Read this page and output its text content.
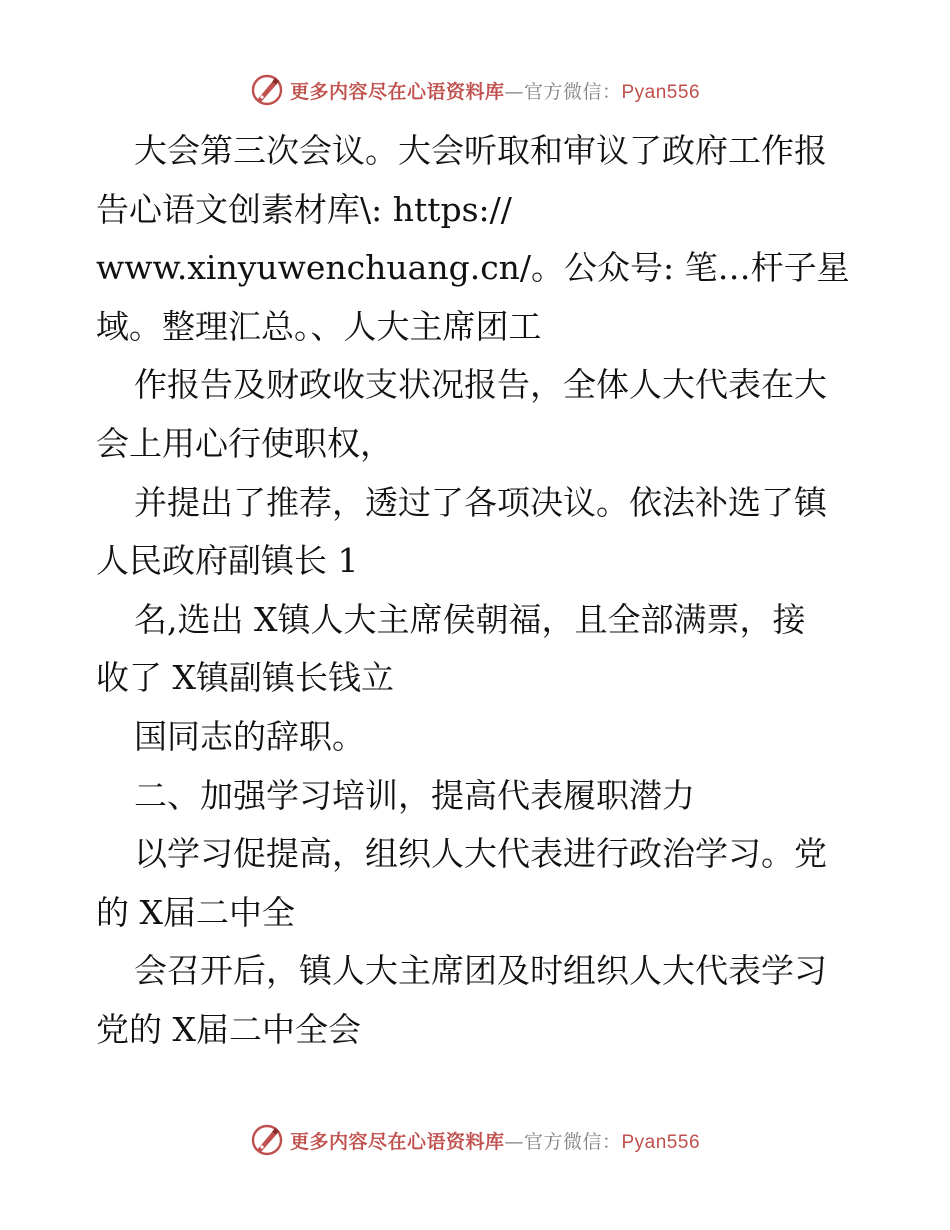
更多内容尽在心语资料库—官方微信：Pyan556
大会第三次会议。大会听取和审议了政府工作报
告心语文创素材库\: https://
www.xinyuwenchuang.cn/。公众号: 笔…杆子星
域。整理汇总。、人大主席团工
作报告及财政收支状况报告，全体人大代表在大
会上用心行使职权，
并提出了推荐，透过了各项决议。依法补选了镇
人民政府副镇长 1
名,选出 X镇人大主席侯朝福，且全部满票，接
收了 X镇副镇长钱立
国同志的辞职。
二、加强学习培训，提高代表履职潜力
以学习促提高，组织人大代表进行政治学习。党
的 X届二中全
会召开后，镇人大主席团及时组织人大代表学习
党的 X届二中全会
更多内容尽在心语资料库—官方微信：Pyan556
